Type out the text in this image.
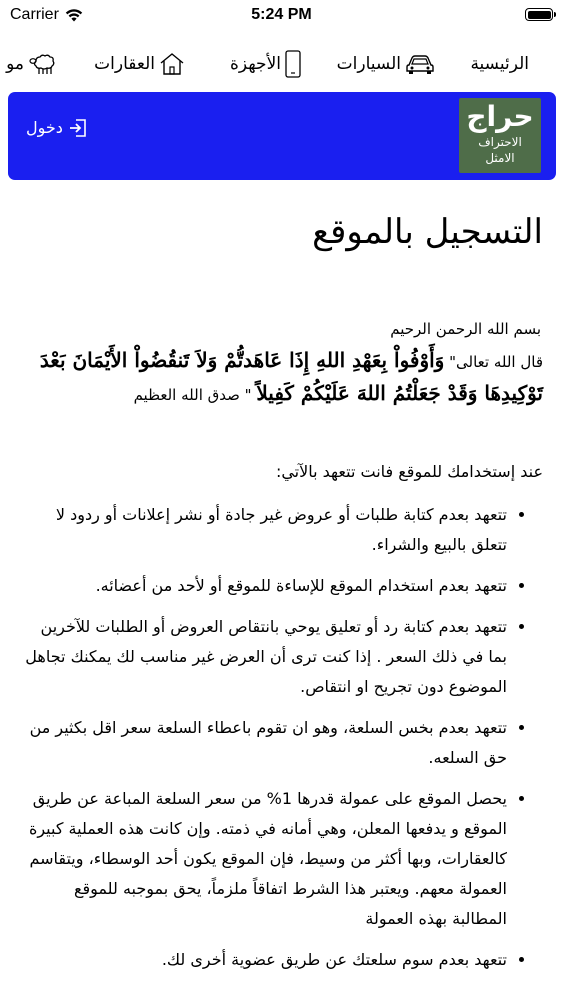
Carrier	5:24 PM
الرئيسية
السيارات
الأجهزة
العقارات
مو
حراج
الاحتراف
الامثل
دخول
التسجيل بالموقع
بسم الله الرحمن الرحيم
قال الله تعالى" وَأَوْفُواْ بِعَهْدِ اللهِ إِذَا عَاهَدتُّمْ وَلاَ تَنقُضُواْ الأَيْمَانَ بَعْدَ تَوْكِيدِهَا وَقَدْ جَعَلْتُمُ اللهَ عَلَيْكُمْ كَفِيلاً " صدق الله العظيم
عند إستخدامك للموقع فانت تتعهد بالآتي:
• تتعهد بعدم كتابة طلبات أو عروض غير جادة أو نشر إعلانات أو ردود لا تتعلق بالبيع والشراء.
• تتعهد بعدم استخدام الموقع للإساءة للموقع أو لأحد من أعضائه.
• تتعهد بعدم كتابة رد أو تعليق يوحي بانتقاص العروض أو الطلبات للآخرين بما في ذلك السعر . إذا كنت ترى أن العرض غير مناسب لك يمكنك تجاهل الموضوع دون تجريح او انتقاص.
• تتعهد بعدم بخس السلعة، وهو ان تقوم باعطاء السلعة سعر اقل بكثير من حق السلعه.
• يحصل الموقع على عمولة قدرها 1% من سعر السلعة المباعة عن طريق الموقع و يدفعها المعلن، وهي أمانه في ذمته. وإن كانت هذه العملية كبيرة كالعقارات، وبها أكثر من وسيط، فإن الموقع يكون أحد الوسطاء، ويتقاسم العمولة معهم. ويعتبر هذا الشرط اتفاقاً ملزماً، يحق بموجبه للموقع المطالبة بهذه العمولة
• تتعهد بعدم سوم سلعتك عن طريق عضوية أخرى لك.
